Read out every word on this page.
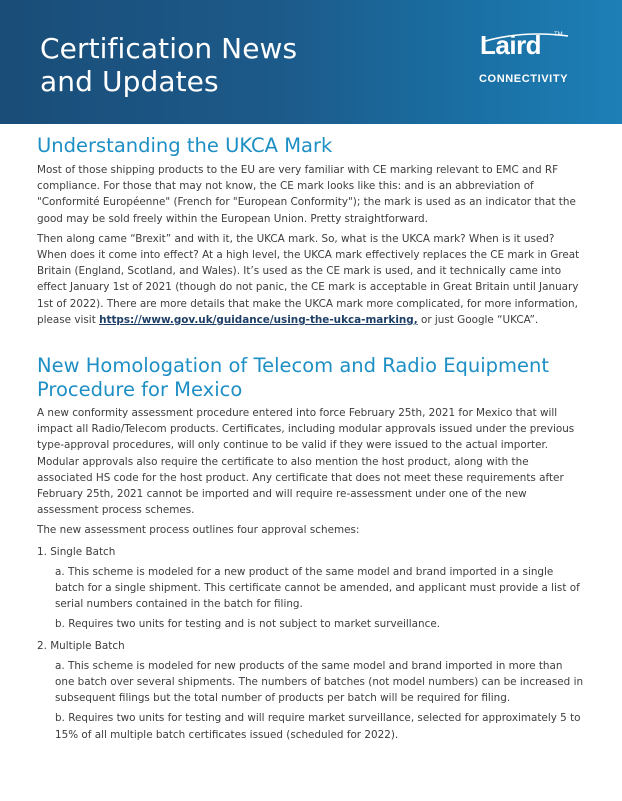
Certification News
and Updates
Laird TM
CONNECTIVITY
Understanding the UKCA Mark

Most of those shipping products to the EU are very familiar with CE marking relevant to EMC and RF compliance. For those that may not know, the CE mark looks like this: and is an abbreviation of "Conformité Européenne" (French for "European Conformity"); the mark is used as an indicator that the good may be sold freely within the European Union. Pretty straightforward.

Then along came “Brexit” and with it, the UKCA mark. So, what is the UKCA mark? When is it used? When does it come into effect? At a high level, the UKCA mark effectively replaces the CE mark in Great Britain (England, Scotland, and Wales). It’s used as the CE mark is used, and it technically came into effect January 1st of 2021 (though do not panic, the CE mark is acceptable in Great Britain until January 1st of 2022). There are more details that make the UKCA mark more complicated, for more information, please visit https://www.gov.uk/guidance/using-the-ukca-marking, or just Google “UKCA”.

New Homologation of Telecom and Radio Equipment Procedure for Mexico

A new conformity assessment procedure entered into force February 25th, 2021 for Mexico that will impact all Radio/Telecom products. Certificates, including modular approvals issued under the previous type-approval procedures, will only continue to be valid if they were issued to the actual importer. Modular approvals also require the certificate to also mention the host product, along with the associated HS code for the host product. Any certificate that does not meet these requirements after February 25th, 2021 cannot be imported and will require re-assessment under one of the new assessment process schemes.

The new assessment process outlines four approval schemes:

1. Single Batch

a. This scheme is modeled for a new product of the same model and brand imported in a single batch for a single shipment. This certificate cannot be amended, and applicant must provide a list of serial numbers contained in the batch for filing.

b. Requires two units for testing and is not subject to market surveillance.

2. Multiple Batch

a. This scheme is modeled for new products of the same model and brand imported in more than one batch over several shipments. The numbers of batches (not model numbers) can be increased in subsequent filings but the total number of products per batch will be required for filing.

b. Requires two units for testing and will require market surveillance, selected for approximately 5 to 15% of all multiple batch certificates issued (scheduled for 2022).
